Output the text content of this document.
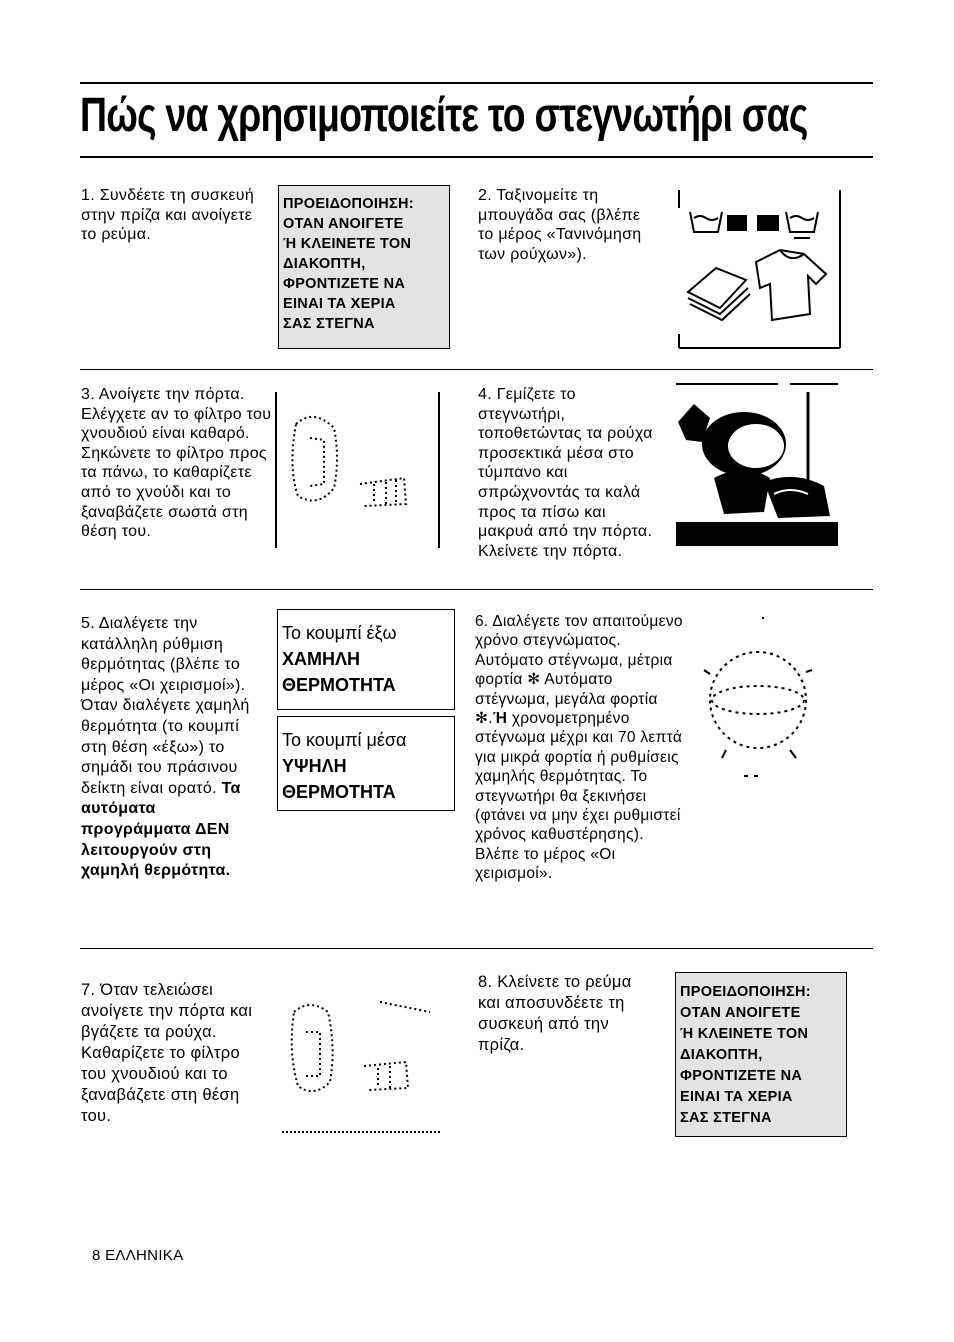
Πώς να χρησιμοποιείτε το στεγνωτήρι σας
1. Συνδέετε τη συσκευή στην πρίζα και ανοίγετε το ρεύμα.
ΠΡΟΕΙΔΟΠΟΙΗΣΗ:
ΟΤΑΝ ΑΝΟΙΓΕΤΕ
Ή ΚΛΕΙΝΕΤΕ ΤΟΝ
ΔΙΑΚΟΠΤΗ,
ΦΡΟΝΤΙΖΕΤΕ ΝΑ
ΕΙΝΑΙ ΤΑ ΧΕΡΙΑ
ΣΑΣ ΣΤΕΓΝΑ
2. Ταξινομείτε τη μπουγάδα σας (βλέπε το μέρος «Τανινόμηση των ρούχων»).
3. Ανοίγετε την πόρτα. Ελέγχετε αν το φίλτρο του χνουδιού είναι καθαρό. Σηκώνετε το φίλτρο προς τα πάνω, το καθαρίζετε από το χνούδι και το ξαναβάζετε σωστά στη θέση του.
4. Γεμίζετε το στεγνωτήρι, τοποθετώντας τα ρούχα προσεκτικά μέσα στο τύμπανο και σπρώχνοντάς τα καλά προς τα πίσω και μακρυά από την πόρτα. Κλείνετε την πόρτα.
5. Διαλέγετε την κατάλληλη ρύθμιση θερμότητας (βλέπε το μέρος «Οι χειρισμοί»). Όταν διαλέγετε χαμηλή θερμότητα (το κουμπί στη θέση «έξω») το σημάδι του πράσινου δείκτη είναι ορατό. Τα αυτόματα προγράμματα ΔΕΝ λειτουργούν στη χαμηλή θερμότητα.
Το κουμπί έξω
ΧΑΜΗΛΗ
ΘΕΡΜΟΤΗΤΑ
Το κουμπί μέσα
ΥΨΗΛΗ
ΘΕΡΜΟΤΗΤΑ
6. Διαλέγετε τον απαιτούμενο χρόνο στεγνώματος. Αυτόματο στέγνωμα, μέτρια φορτία ✻ Αυτόματο στέγνωμα, μεγάλα φορτία ✻.Ή χρονομετρημένο στέγνωμα μέχρι και 70 λεπτά για μικρά φορτία ή ρυθμίσεις χαμηλής θερμότητας. Το στεγνωτήρι θα ξεκινήσει (φτάνει να μην έχει ρυθμιστεί χρόνος καθυστέρησης). Βλέπε το μέρος «Οι χειρισμοί».
7. Όταν τελειώσει ανοίγετε την πόρτα και βγάζετε τα ρούχα. Καθαρίζετε το φίλτρο του χνουδιού και το ξαναβάζετε στη θέση του.
8. Κλείνετε το ρεύμα και αποσυνδέετε τη συσκευή από την πρίζα.
ΠΡΟΕΙΔΟΠΟΙΗΣΗ:
ΟΤΑΝ ΑΝΟΙΓΕΤΕ
Ή ΚΛΕΙΝΕΤΕ ΤΟΝ
ΔΙΑΚΟΠΤΗ,
ΦΡΟΝΤΙΖΕΤΕ ΝΑ
ΕΙΝΑΙ ΤΑ ΧΕΡΙΑ
ΣΑΣ ΣΤΕΓΝΑ
8 ΕΛΛΗΝΙΚΑ
